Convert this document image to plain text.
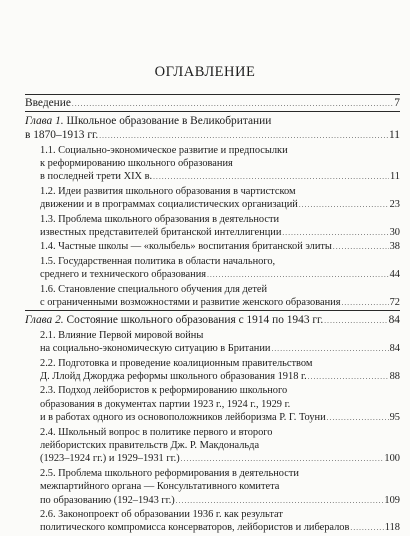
ОГЛАВЛЕНИЕ
Введение . . .	7
Глава 1. Школьное образование в Великобритании
в 1870–1913 гг. . . .	11
1.1. Социально-экономическое развитие и предпосылки
к реформированию школьного образования
в последней трети XIX в. . . .	11
1.2. Идеи развития школьного образования в чартистском
движении и в программах социалистических организаций . . .	23
1.3. Проблема школьного образования в деятельности
известных представителей британской интеллигенции . . .	30
1.4. Частные школы — «колыбель» воспитания британской элиты . . .	38
1.5. Государственная политика в области начального,
среднего и технического образования . . .	44
1.6. Становление специального обучения для детей
с ограниченными возможностями и развитие женского образования . . .	72
Глава 2. Состояние школьного образования с 1914 по 1943 гг. . . .	84
2.1. Влияние Первой мировой войны
на социально-экономическую ситуацию в Британии . . .	84
2.2. Подготовка и проведение коалиционным правительством
Д. Ллойд Джорджа реформы школьного образования 1918 г. . . .	88
2.3. Подход лейбористов к реформированию школьного
образования в документах партии 1923 г., 1924 г., 1929 г.
и в работах одного из основоположников лейборизма Р. Г. Тоуни . . .	95
2.4. Школьный вопрос в политике первого и второго
лейбористских правительств Дж. Р. Макдональда
(1923–1924 гг.) и 1929–1931 гг.) . . .	100
2.5. Проблема школьного реформирования в деятельности
межпартийного органа — Консультативного комитета
по образованию (192–1943 гг.) . . .	109
2.6. Законопроект об образовании 1936 г. как результат
политического компромисса консерваторов, лейбористов и либералов . . .	118
